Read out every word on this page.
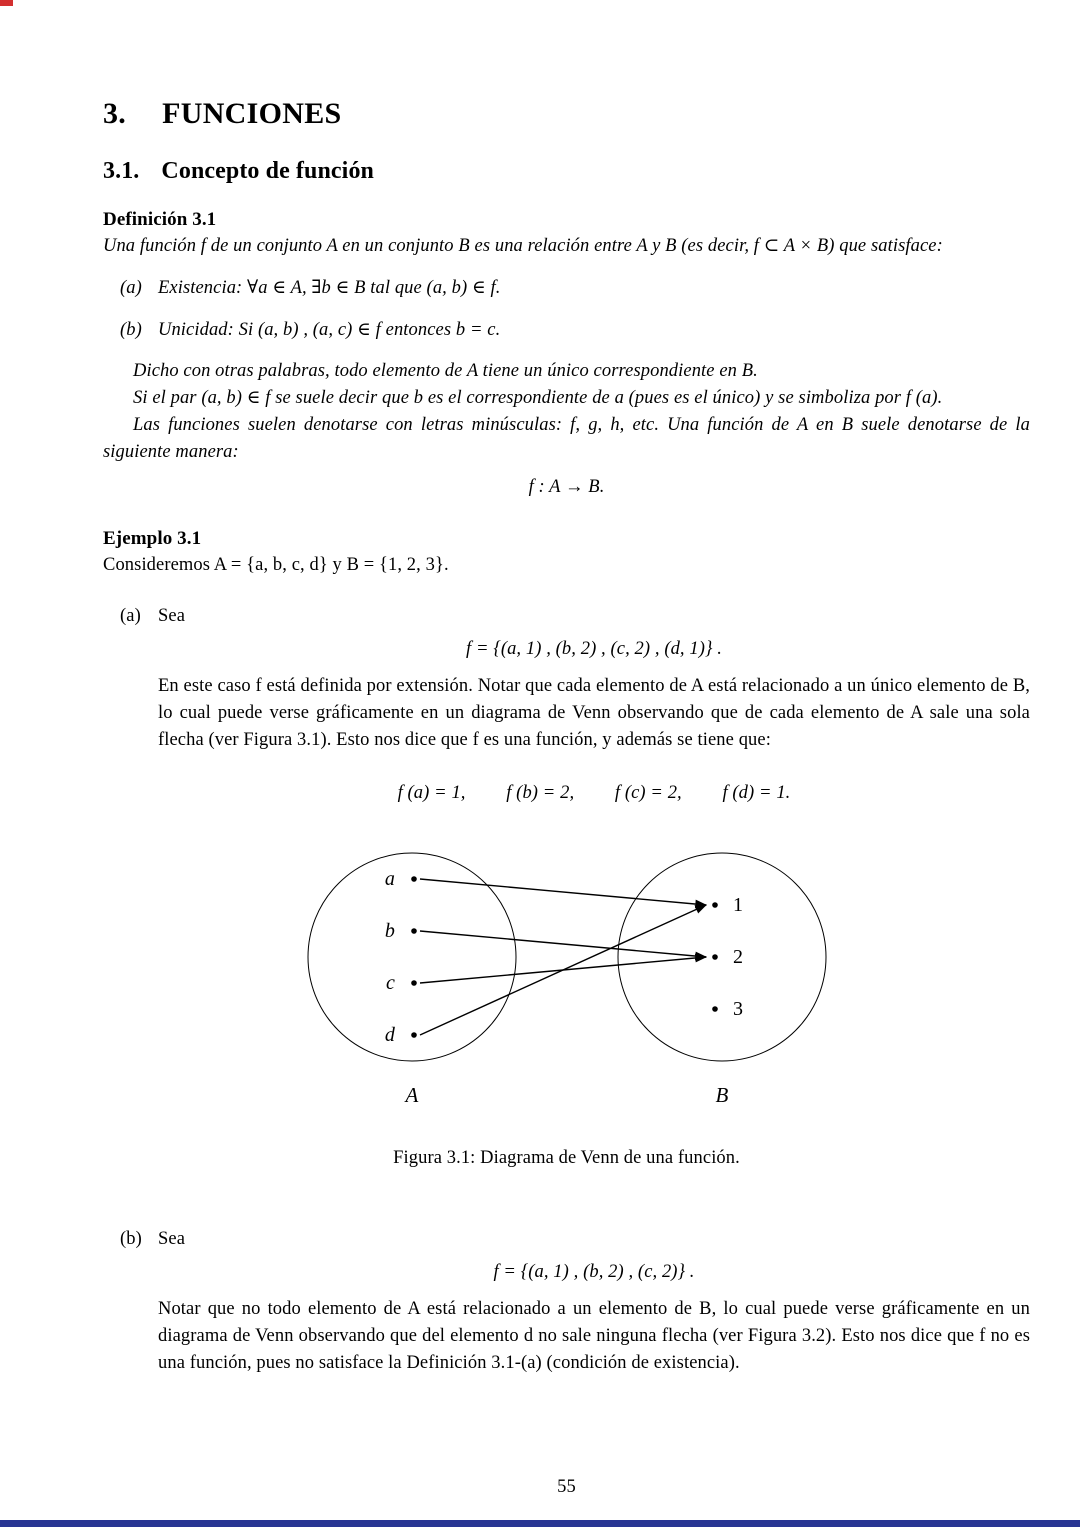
3. FUNCIONES
3.1. Concepto de función

Definición 3.1

Una función f de un conjunto A en un conjunto B es una relación entre A y B (es decir, f ⊂ A × B) que satisface:

(a) Existencia: ∀a ∈ A, ∃b ∈ B tal que (a, b) ∈ f.
(b) Unicidad: Si (a, b) , (a, c) ∈ f entonces b = c.

Dicho con otras palabras, todo elemento de A tiene un único correspondiente en B.

Si el par (a, b) ∈ f se suele decir que b es el correspondiente de a (pues es el único) y se simboliza por f (a).

Las funciones suelen denotarse con letras minúsculas: f, g, h, etc. Una función de A en B suele denotarse de la siguiente manera:

f : A → B.

Ejemplo 3.1

Consideremos A = {a, b, c, d} y B = {1, 2, 3}.

(a) Sea

f = {(a, 1) , (b, 2) , (c, 2) , (d, 1)} .

En este caso f está definida por extensión. Notar que cada elemento de A está relacionado a un único elemento de B, lo cual puede verse gráficamente en un diagrama de Venn observando que de cada elemento de A sale una sola flecha (ver Figura 3.1). Esto nos dice que f es una función, y además se tiene que:

f (a) = 1, f (b) = 2, f (c) = 2, f (d) = 1.

a
b
c
d
1
2
3
A	B

Figura 3.1: Diagrama de Venn de una función.

(b) Sea

f = {(a, 1) , (b, 2) , (c, 2)} .

Notar que no todo elemento de A está relacionado a un elemento de B, lo cual puede verse gráficamente en un diagrama de Venn observando que del elemento d no sale ninguna flecha (ver Figura 3.2). Esto nos dice que f no es una función, pues no satisface la Definición 3.1-(a) (condición de existencia).

55
